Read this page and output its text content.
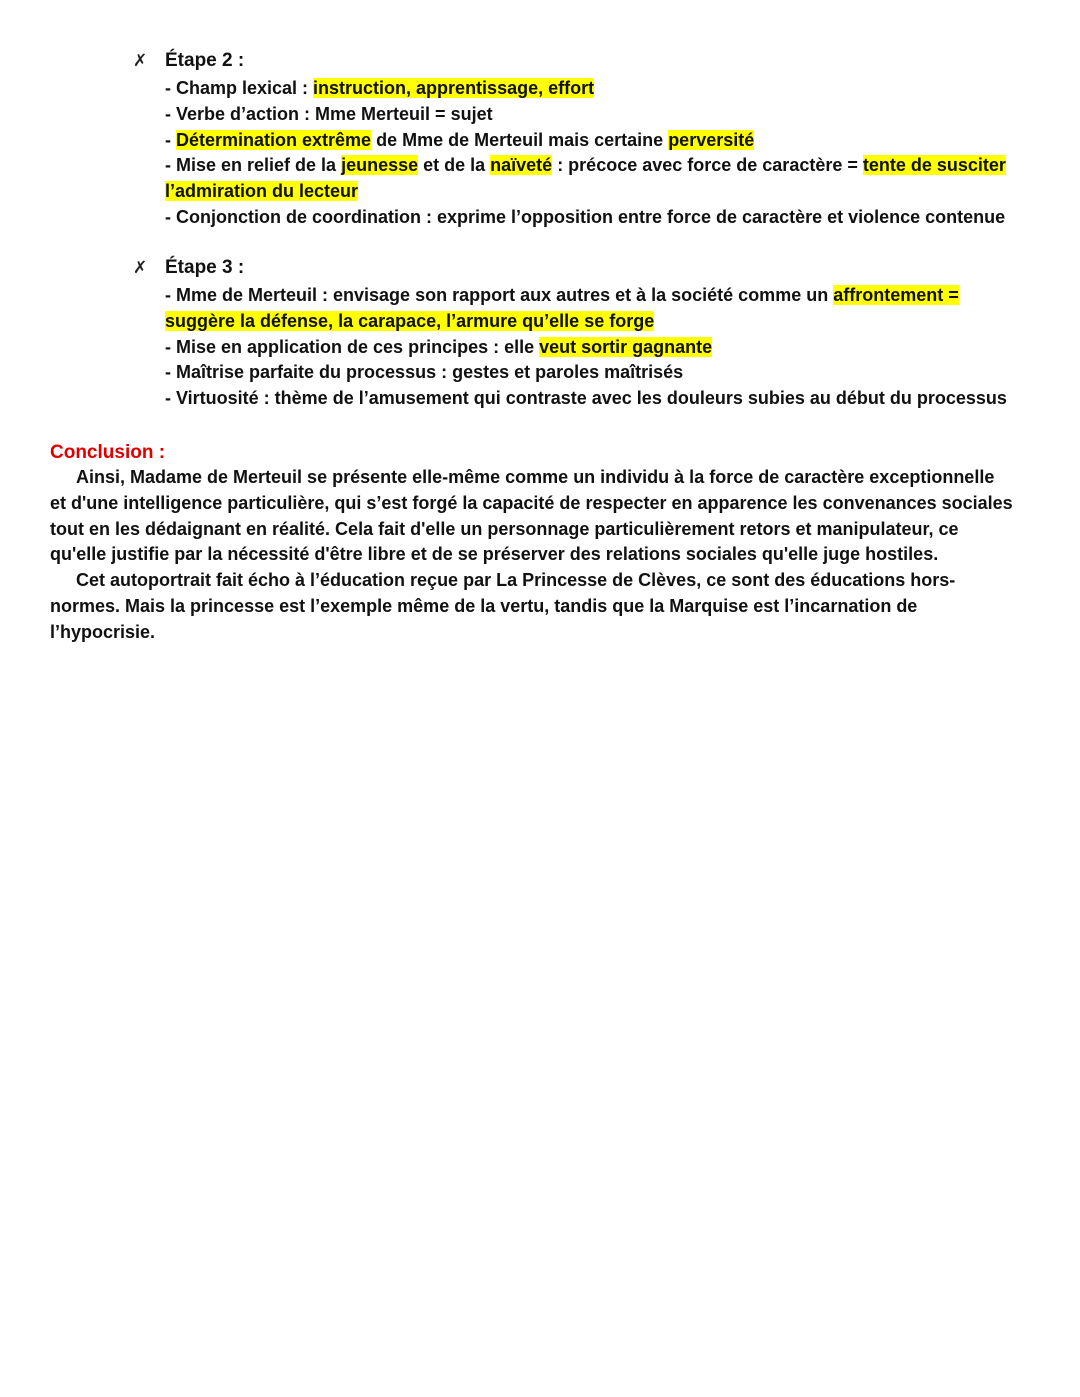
✗ Étape 2 :
- Champ lexical : instruction, apprentissage, effort
- Verbe d’action : Mme Merteuil = sujet
- Détermination extrême de Mme de Merteuil mais certaine perversité
- Mise en relief de la jeunesse et de la naïveté : précoce avec force de caractère = tente de susciter
l’admiration du lecteur
- Conjonction de coordination : exprime l’opposition entre force de caractère et violence contenue
✗ Étape 3 :
- Mme de Merteuil : envisage son rapport aux autres et à la société comme un affrontement =
suggère la défense, la carapace, l’armure qu’elle se forge
- Mise en application de ces principes : elle veut sortir gagnante
- Maîtrise parfaite du processus : gestes et paroles maîtrisés
- Virtuosité : thème de l’amusement qui contraste avec les douleurs subies au début du processus
Conclusion :
Ainsi, Madame de Merteuil se présente elle-même comme un individu à la force de caractère exceptionnelle
et d'une intelligence particulière, qui s’est forgé la capacité de respecter en apparence les convenances sociales
tout en les dédaignant en réalité. Cela fait d'elle un personnage particulièrement retors et manipulateur, ce
qu'elle justifie par la nécessité d'être libre et de se préserver des relations sociales qu'elle juge hostiles.
Cet autoportrait fait écho à l’éducation reçue par La Princesse de Clèves, ce sont des éducations hors-
normes. Mais la princesse est l’exemple même de la vertu, tandis que la Marquise est l’incarnation de
l’hypocrisie.
